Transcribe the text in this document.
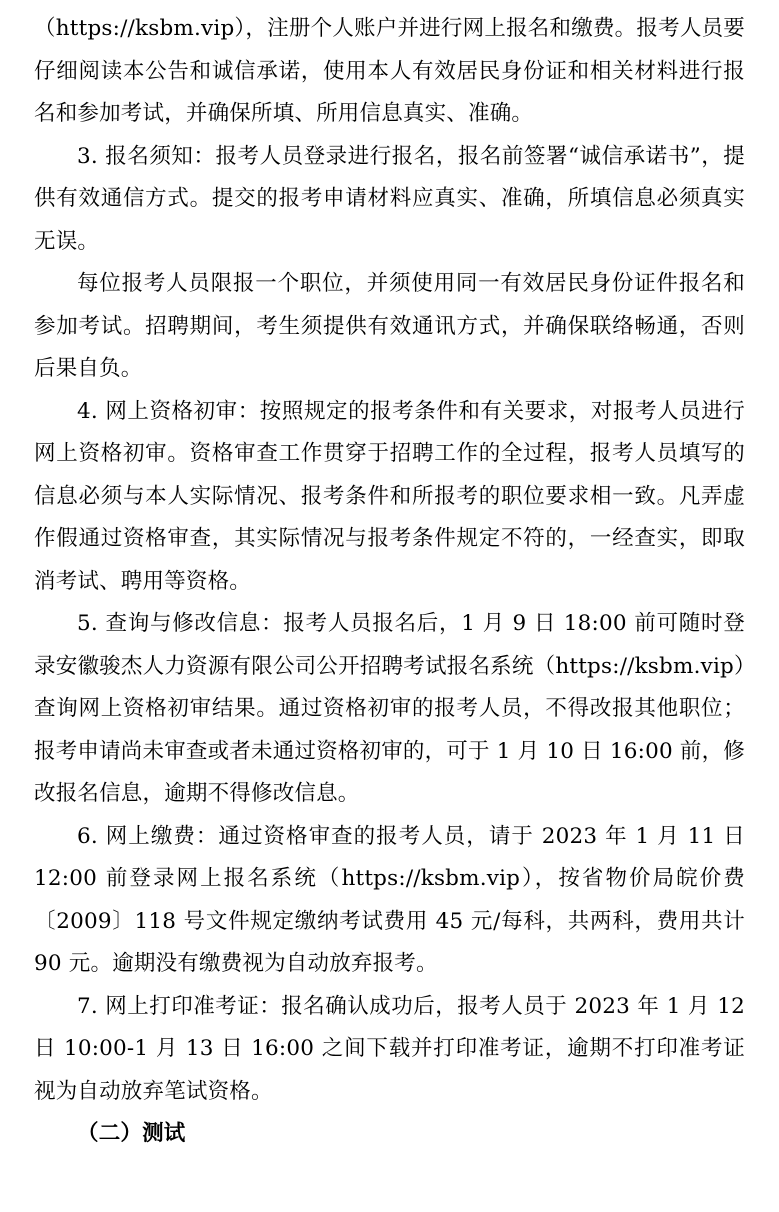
（https://ksbm.vip），注册个人账户并进行网上报名和缴费。报考人员要仔细阅读本公告和诚信承诺，使用本人有效居民身份证和相关材料进行报名和参加考试，并确保所填、所用信息真实、准确。

3. 报名须知：报考人员登录进行报名，报名前签署“诚信承诺书”，提供有效通信方式。提交的报考申请材料应真实、准确，所填信息必须真实无误。

每位报考人员限报一个职位，并须使用同一有效居民身份证件报名和参加考试。招聘期间，考生须提供有效通讯方式，并确保联络畅通，否则后果自负。

4. 网上资格初审：按照规定的报考条件和有关要求，对报考人员进行网上资格初审。资格审查工作贯穿于招聘工作的全过程，报考人员填写的信息必须与本人实际情况、报考条件和所报考的职位要求相一致。凡弄虚作假通过资格审查，其实际情况与报考条件规定不符的，一经查实，即取消考试、聘用等资格。

5. 查询与修改信息：报考人员报名后，1 月 9 日 18:00 前可随时登录安徽骏杰人力资源有限公司公开招聘考试报名系统（https://ksbm.vip）查询网上资格初审结果。通过资格初审的报考人员，不得改报其他职位；报考申请尚未审查或者未通过资格初审的，可于 1 月 10 日 16:00 前，修改报名信息，逾期不得修改信息。

6. 网上缴费：通过资格审查的报考人员，请于 2023 年 1 月 11 日 12:00 前登录网上报名系统（https://ksbm.vip），按省物价局皖价费〔2009〕118 号文件规定缴纳考试费用 45 元/每科，共两科，费用共计 90 元。逾期没有缴费视为自动放弃报考。

7. 网上打印准考证：报名确认成功后，报考人员于 2023 年 1 月 12 日 10:00-1 月 13 日 16:00 之间下载并打印准考证，逾期不打印准考证视为自动放弃笔试资格。

（二）测试
